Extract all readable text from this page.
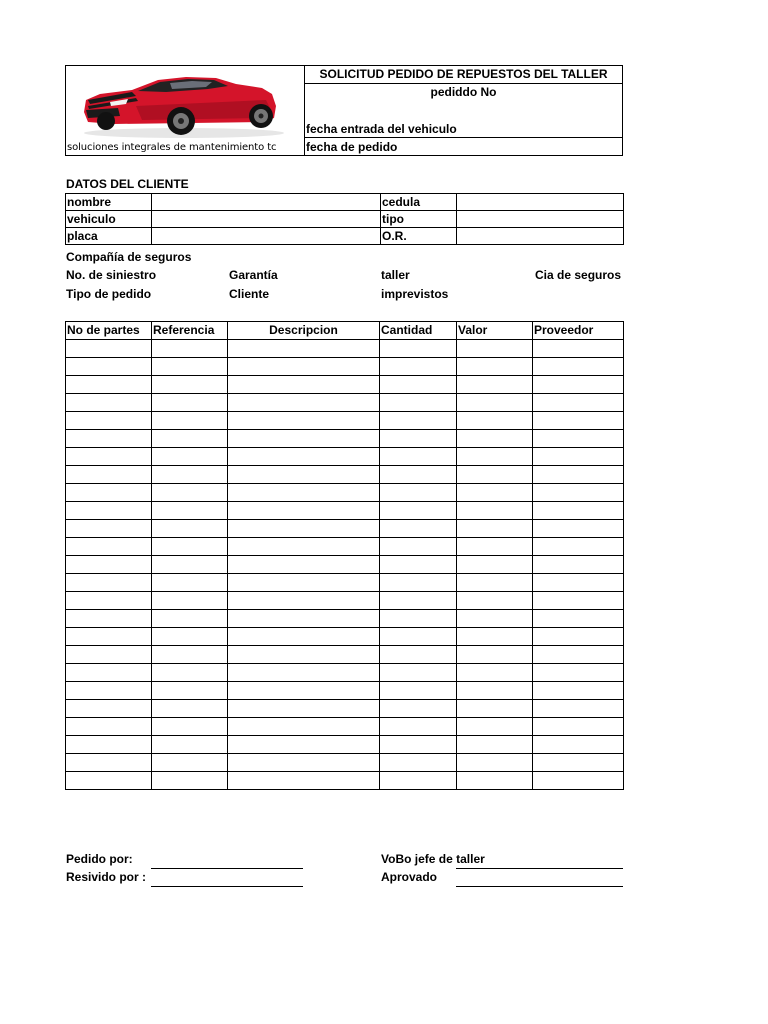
soluciones integrales de mantenimiento tc
SOLICITUD PEDIDO DE REPUESTOS DEL TALLER
pediddo No
fecha entrada del vehiculo
fecha de pedido
DATOS DEL CLIENTE
nombre		cedula	
vehiculo		tipo	
placa		O.R.	
Compañía de seguros
No. de siniestro	Garantía	taller	Cia de seguros
Tipo de pedido	Cliente	imprevistos
No de partes	Referencia	Descripcion	Cantidad	Valor	Proveedor

Pedido por:
Resivido por :
VoBo jefe de taller
Aprovado
